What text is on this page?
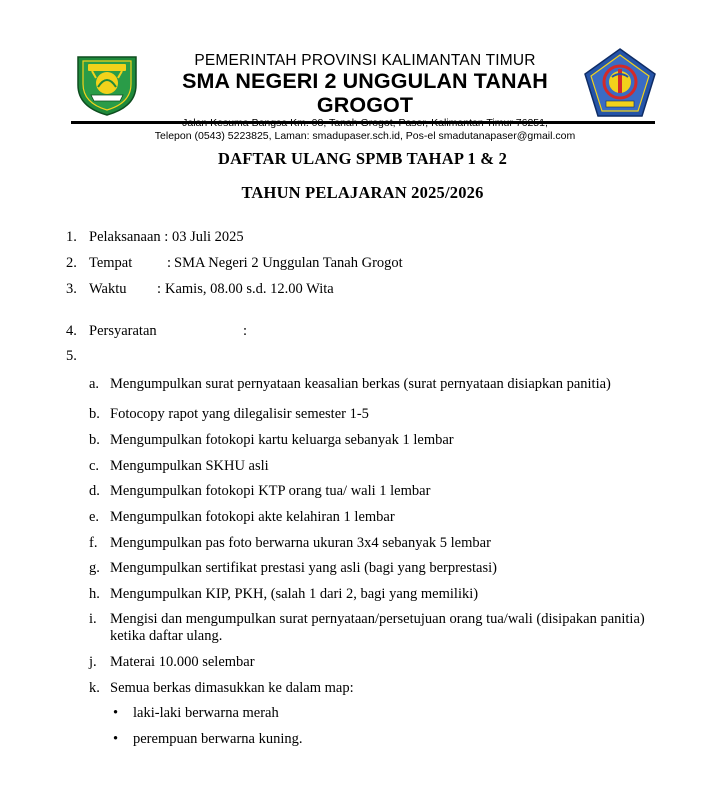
PEMERINTAH PROVINSI KALIMANTAN TIMUR
SMA NEGERI 2 UNGGULAN TANAH GROGOT
Telepon (0543) 5223825, Laman: smadupaser.sch.id, Pos-el smadutanapaser@gmail.com
DAFTAR ULANG SPMB TAHAP 1 & 2
TAHUN PELAJARAN 2025/2026
1. Pelaksanaan : 03 Juli 2025
2. Tempat : SMA Negeri 2 Unggulan Tanah Grogot
3. Waktu : Kamis, 08.00 s.d. 12.00 Wita
4. Persyaratan	:
5.
a. Mengumpulkan surat pernyataan keasalian berkas (surat pernyataan disiapkan panitia)
b. Fotocopy rapot yang dilegalisir semester 1-5
b. Mengumpulkan fotokopi kartu keluarga sebanyak 1 lembar
c. Mengumpulkan SKHU asli
d. Mengumpulkan fotokopi KTP orang tua/ wali 1 lembar
e. Mengumpulkan fotokopi akte kelahiran 1 lembar
f. Mengumpulkan pas foto berwarna ukuran 3x4 sebanyak 5 lembar
g. Mengumpulkan sertifikat prestasi yang asli (bagi yang berprestasi)
h. Mengumpulkan KIP, PKH, (salah 1 dari 2, bagi yang memiliki)
i. Mengisi dan mengumpulkan surat pernyataan/persetujuan orang tua/wali (disipakan panitia) ketika daftar ulang.
j. Materai 10.000 selembar
k. Semua berkas dimasukkan ke dalam map:
• laki-laki berwarna merah
• perempuan berwarna kuning.
